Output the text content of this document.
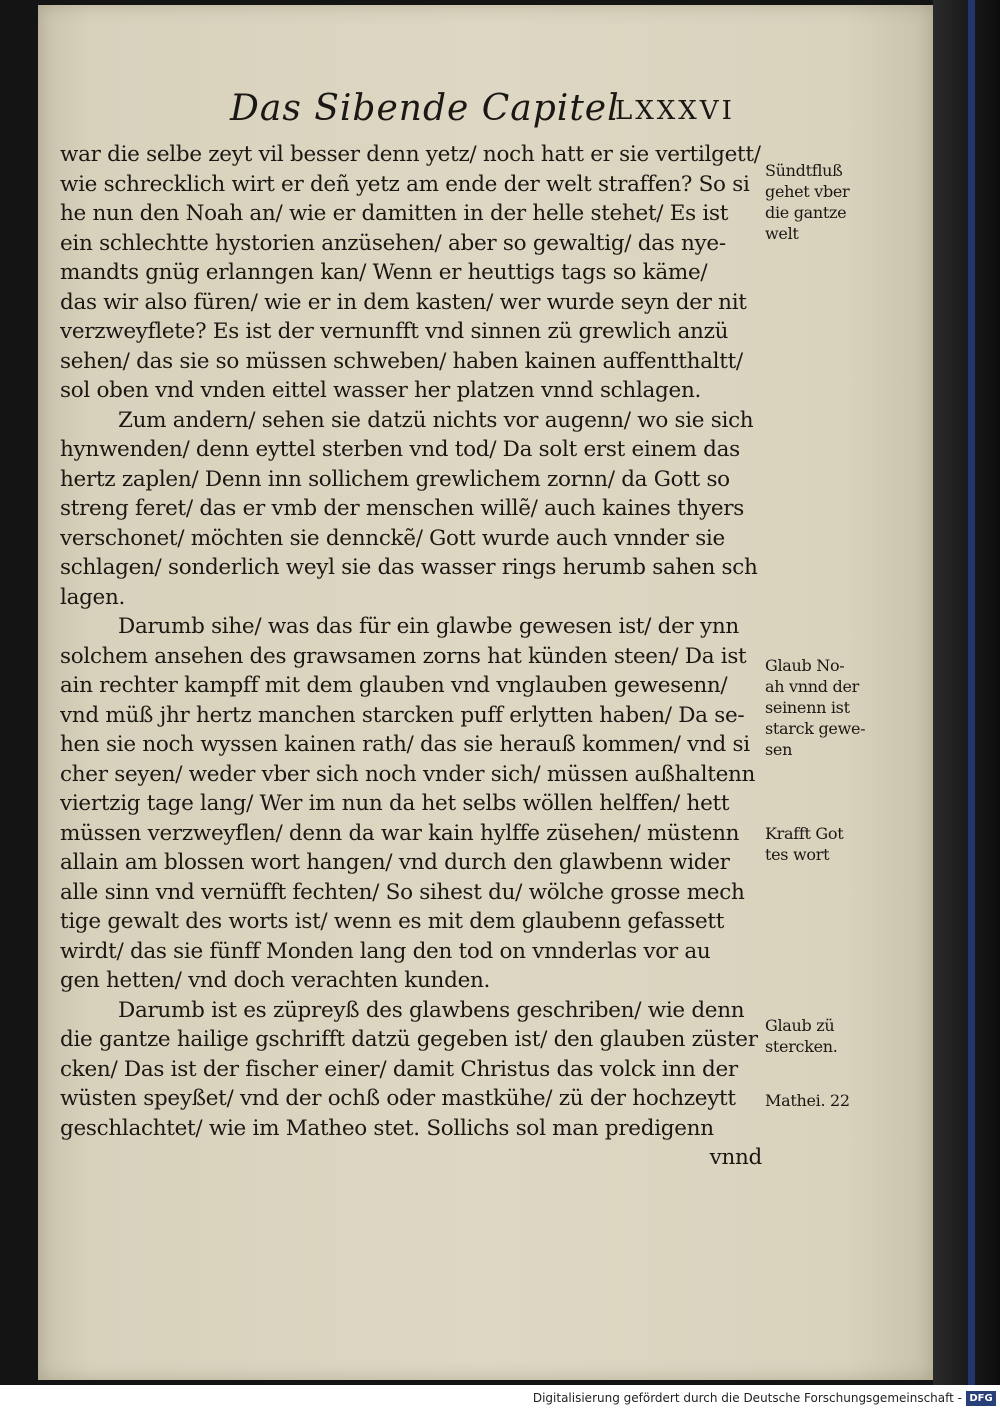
Das Sibende Capitel
LXXXVI
war die selbe zeyt vil besser denn yetz/ noch hatt er sie vertilgett/
wie schrecklich wirt er deñ yetz am ende der welt straffen? So si
he nun den Noah an/ wie er damitten in der helle stehet/ Es ist
ein schlechtte hystorien anzüsehen/ aber so gewaltig/ das nye-
mandts gnüg erlanngen kan/ Wenn er heuttigs tags so käme/
das wir also füren/ wie er in dem kasten/ wer wurde seyn der nit
verzweyflete? Es ist der vernunfft vnd sinnen zü grewlich anzü
sehen/ das sie so müssen schweben/ haben kainen auffentthaltt/
sol oben vnd vnden eittel wasser her platzen vnnd schlagen.
Zum andern/ sehen sie datzü nichts vor augenn/ wo sie sich
hynwenden/ denn eyttel sterben vnd tod/ Da solt erst einem das
hertz zaplen/ Denn inn sollichem grewlichem zornn/ da Gott so
streng feret/ das er vmb der menschen willẽ/ auch kaines thyers
verschonet/ möchten sie dennckẽ/ Gott wurde auch vnnder sie
schlagen/ sonderlich weyl sie das wasser rings herumb sahen sch
lagen.
Darumb sihe/ was das für ein glawbe gewesen ist/ der ynn
solchem ansehen des grawsamen zorns hat künden steen/ Da ist
ain rechter kampff mit dem glauben vnd vnglauben gewesenn/
vnd müß jhr hertz manchen starcken puff erlytten haben/ Da se-
hen sie noch wyssen kainen rath/ das sie herauß kommen/ vnd si
cher seyen/ weder vber sich noch vnder sich/ müssen außhaltenn
viertzig tage lang/ Wer im nun da het selbs wöllen helffen/ hett
müssen verzweyflen/ denn da war kain hylffe züsehen/ müstenn
allain am blossen wort hangen/ vnd durch den glawbenn wider
alle sinn vnd vernüfft fechten/ So sihest du/ wölche grosse mech
tige gewalt des worts ist/ wenn es mit dem glaubenn gefassett
wirdt/ das sie fünff Monden lang den tod on vnnderlas vor au
gen hetten/ vnd doch verachten kunden.
Darumb ist es züpreyß des glawbens geschriben/ wie denn
die gantze hailige gschrifft datzü gegeben ist/ den glauben züster
cken/ Das ist der fischer einer/ damit Christus das volck inn der
wüsten speyßet/ vnd der ochß oder mastkühe/ zü der hochzeytt
geschlachtet/ wie im Matheo stet. Sollichs sol man predigenn
vnnd
Sündtfluß
gehet vber
die gantze
welt
Glaub No-
ah vnnd der
seinenn ist
starck gewe-
sen
Krafft Got
tes wort
Glaub zü
stercken.
Mathei. 22
Digitalisierung gefördert durch die Deutsche Forschungsgemeinschaft - DFG
